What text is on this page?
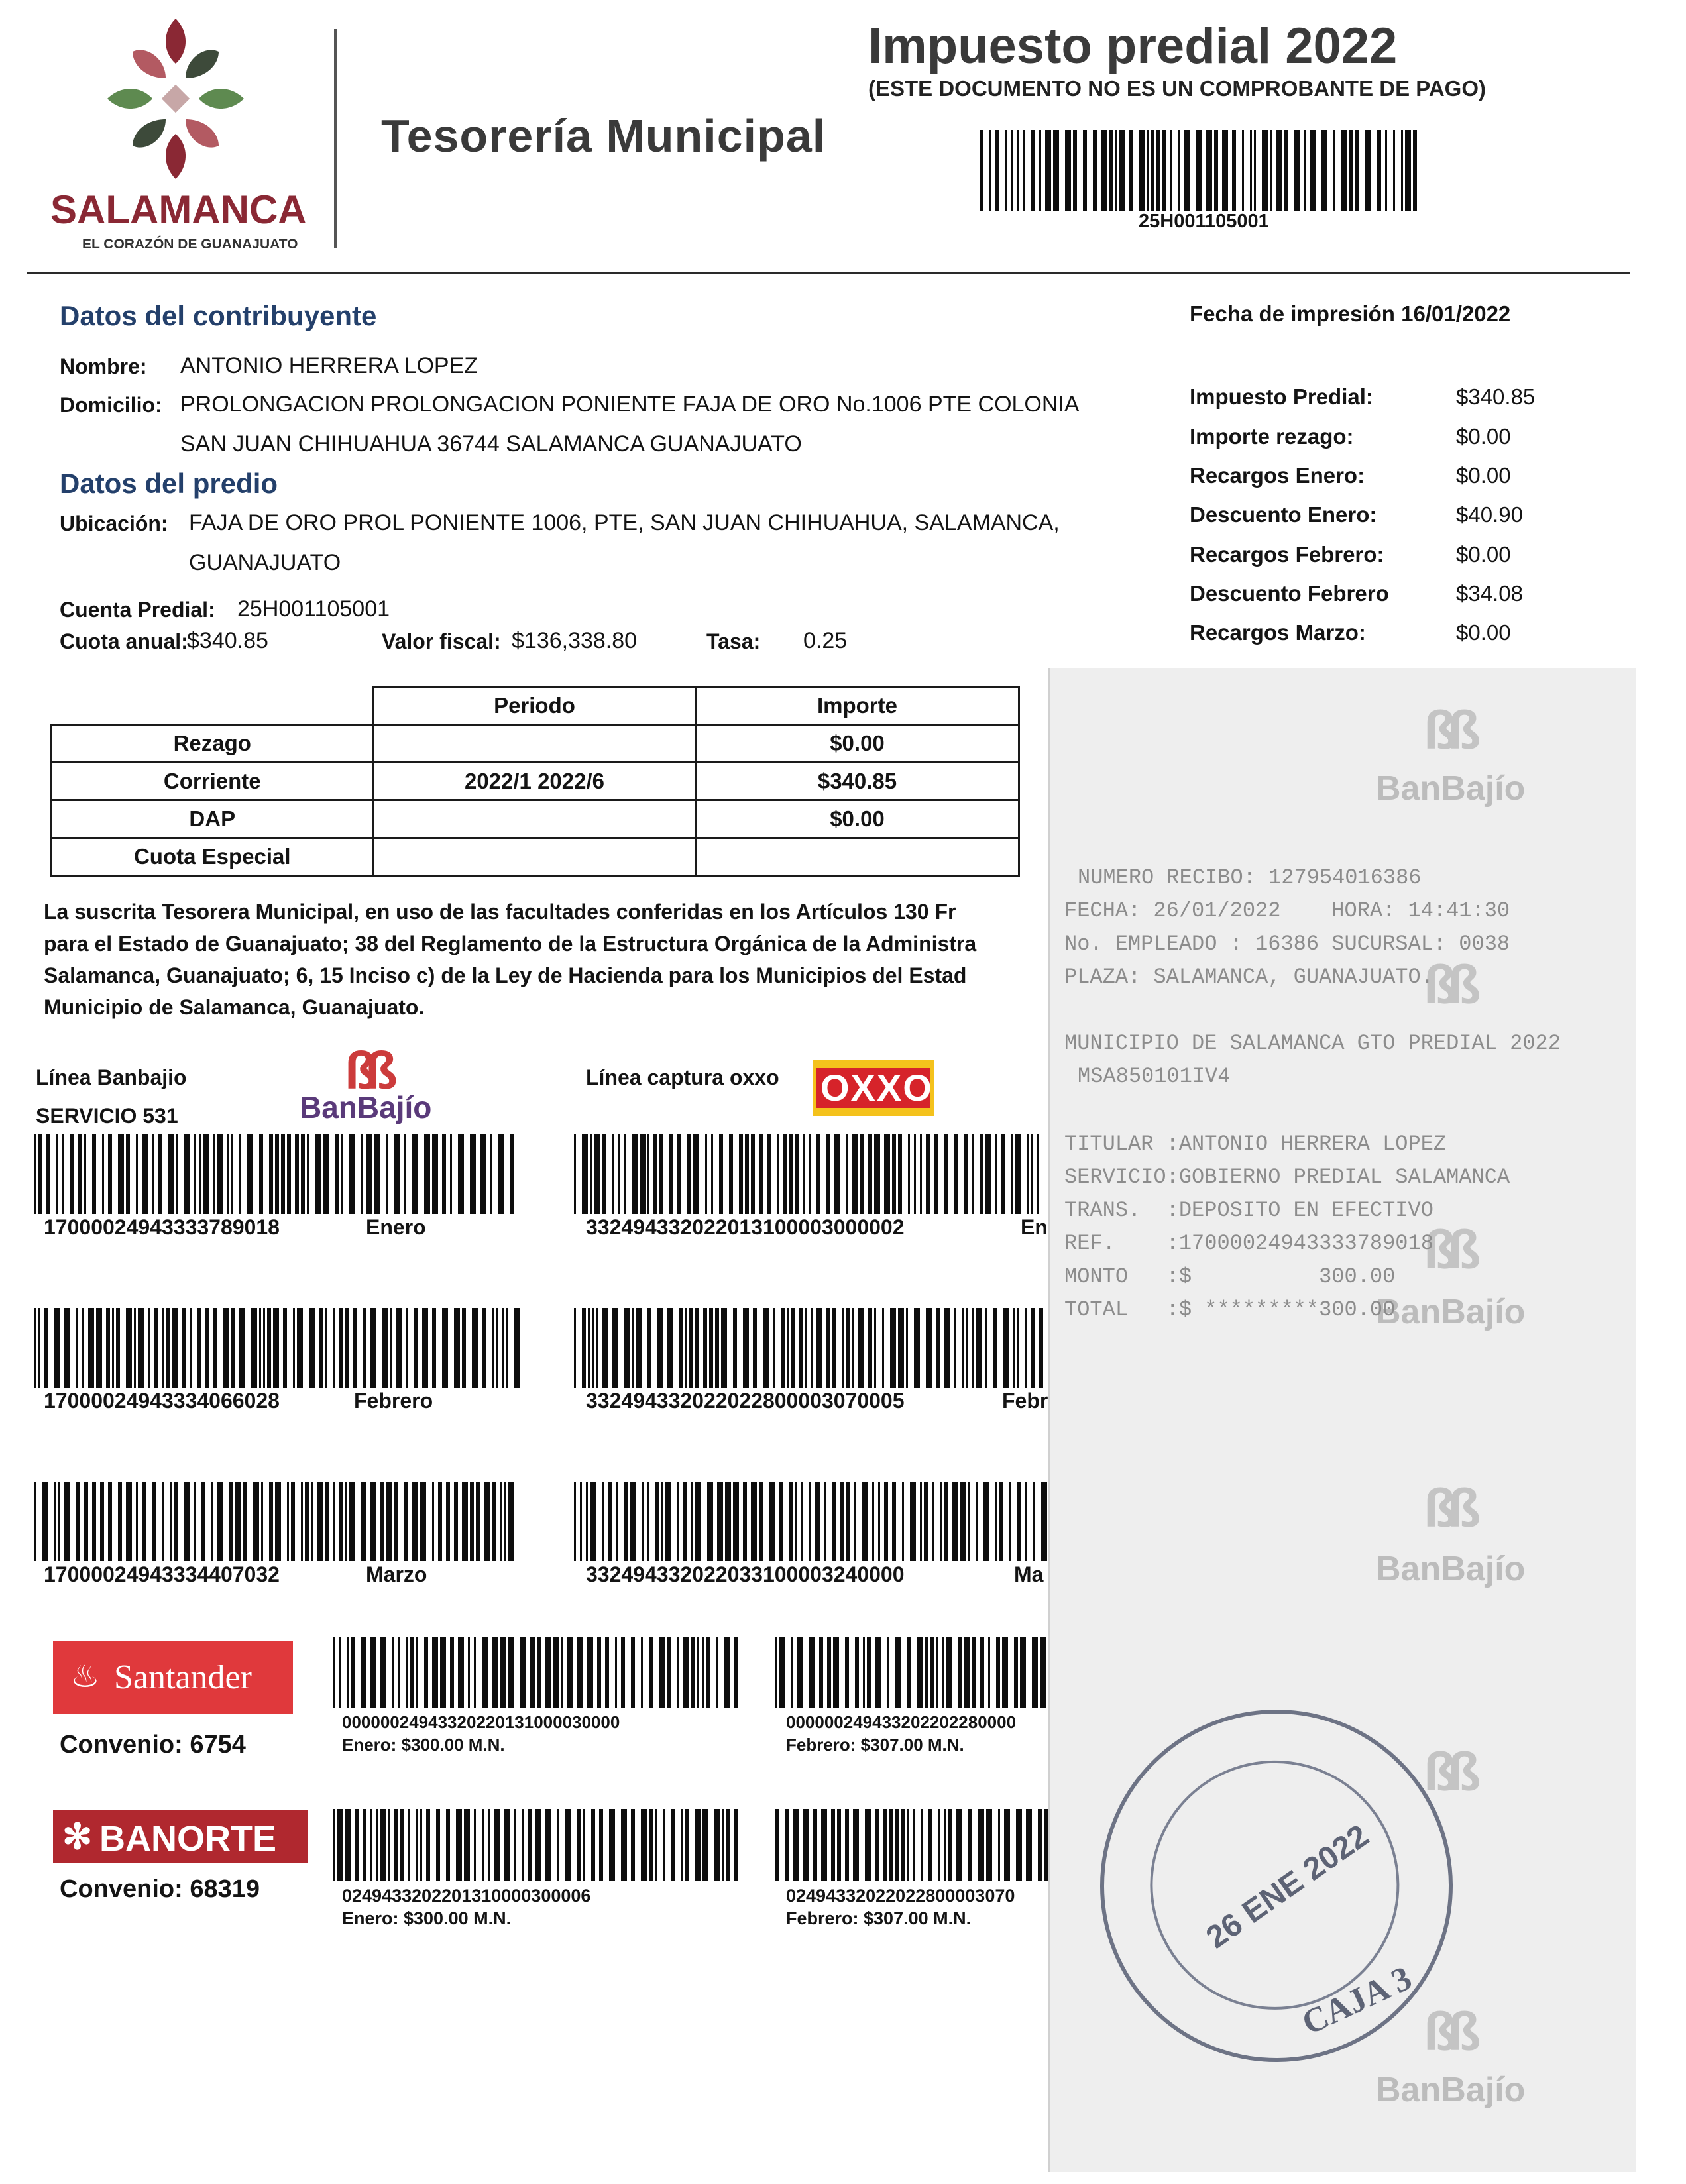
SALAMANCA
EL CORAZÓN DE GUANAJUATO
Tesorería Municipal
Impuesto predial 2022
(ESTE DOCUMENTO NO ES UN COMPROBANTE DE PAGO)
25H001105001
Datos del contribuyente
Nombre: ANTONIO HERRERA LOPEZ
Domicilio: PROLONGACION PROLONGACION PONIENTE FAJA DE ORO No.1006 PTE COLONIA
SAN JUAN CHIHUAHUA 36744 SALAMANCA GUANAJUATO
Datos del predio
Ubicación: FAJA DE ORO PROL PONIENTE 1006, PTE, SAN JUAN CHIHUAHUA, SALAMANCA,
GUANAJUATO
Cuenta Predial: 25H001105001
Cuota anual:
$340.85	Valor fiscal: $136,338.80	Tasa: 0.25
Fecha de impresión 16/01/2022
Impuesto Predial:	$340.85
Importe rezago:	$0.00
Recargos Enero:	$0.00
Descuento Enero:	$40.90
Recargos Febrero:	$0.00
Descuento Febrero	$34.08
Recargos Marzo:	$0.00
	Periodo	Importe
Rezago		$0.00
Corriente	2022/1 2022/6	$340.85
DAP		$0.00
Cuota Especial		
La suscrita Tesorera Municipal, en uso de las facultades conferidas en los Artículos 130 Fr
para el Estado de Guanajuato; 38 del Reglamento de la Estructura Orgánica de la Administra
Salamanca, Guanajuato; 6, 15 Inciso c) de la Ley de Hacienda para los Municipios del Estad
Municipio de Salamanca, Guanajuato.
Línea Banbajio
SERVICIO 531
ßß
BanBajío
17000024943333789018	Enero
17000024943334066028	Febrero
17000024943334407032	Marzo
Línea captura oxxo OXXO
332494332022013100003000002	En
332494332022022800003070005	Febr
332494332022033100003240000	Ma
♨ Santander
Convenio: 6754
00000024943320220131000030000
Enero: $300.00 M.N.
000000249433202202280000
Febrero: $307.00 M.N.
BANORTE
✻
Convenio: 68319	0249433202201310000300006
Enero: $300.00 M.N.
02494332022022800003070
Febrero: $307.00 M.N.
ßß
BanBajío
ßß
ßß
BanBajío
ßß
BanBajío
ßß
ßß
BanBajío
NUMERO RECIBO: 127954016386
FECHA: 26/01/2022    HORA: 14:41:30
No. EMPLEADO : 16386 SUCURSAL: 0038
PLAZA: SALAMANCA, GUANAJUATO.
MUNICIPIO DE SALAMANCA GTO PREDIAL 2022
MSA850101IV4
TITULAR :ANTONIO HERRERA LOPEZ
SERVICIO:GOBIERNO PREDIAL SALAMANCA
TRANS.  :DEPOSITO EN EFECTIVO
REF.    :17000024943333789018
MONTO   :$          300.00
TOTAL   :$ *********300.00
26 ENE 2022
CAJA 3
